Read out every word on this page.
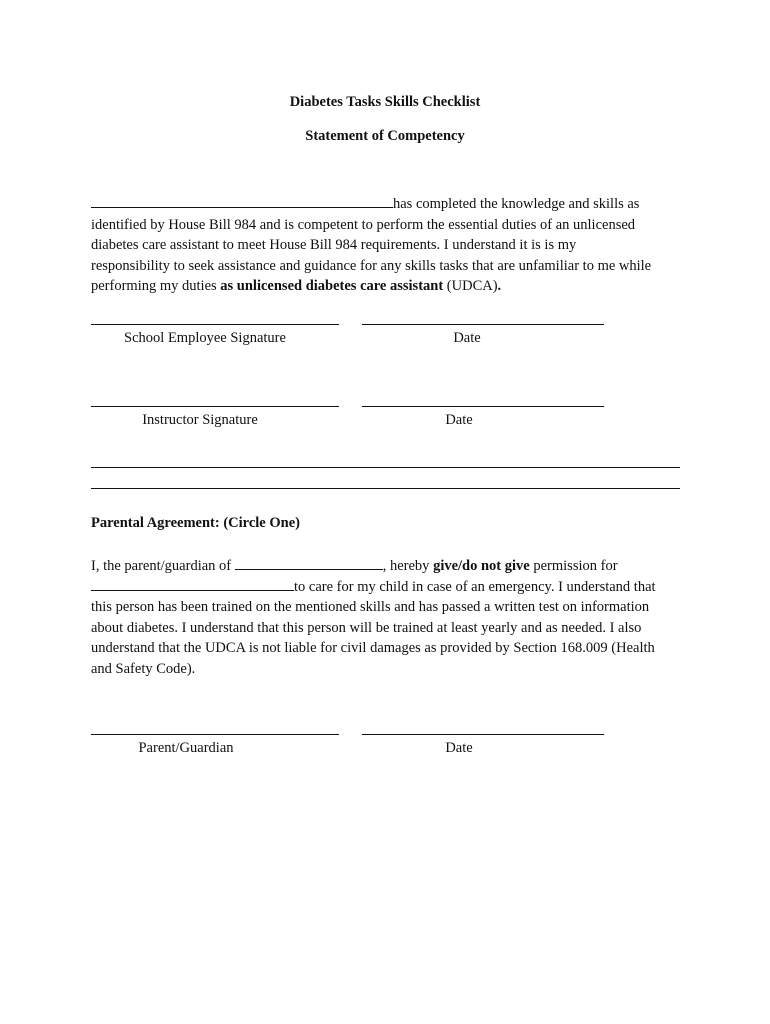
Diabetes Tasks Skills Checklist
Statement of Competency

has completed the knowledge and skills as

identified by House Bill 984 and is competent to perform the essential duties of an unlicensed

diabetes care assistant to meet House Bill 984 requirements. I understand it is is my

responsibility to seek assistance and guidance for any skills tasks that are unfamiliar to me while

performing my duties as unlicensed diabetes care assistant (UDCA).

School Employee Signature	Date
Instructor Signature	Date
Parental Agreement: (Circle One)

I, the parent/guardian of	, hereby give/do not give permission for

to care for my child in case of an emergency. I understand that

this person has been trained on the mentioned skills and has passed a written test on information

about diabetes. I understand that this person will be trained at least yearly and as needed. I also

understand that the UDCA is not liable for civil damages as provided by Section 168.009 (Health

and Safety Code).

Parent/Guardian	Date
